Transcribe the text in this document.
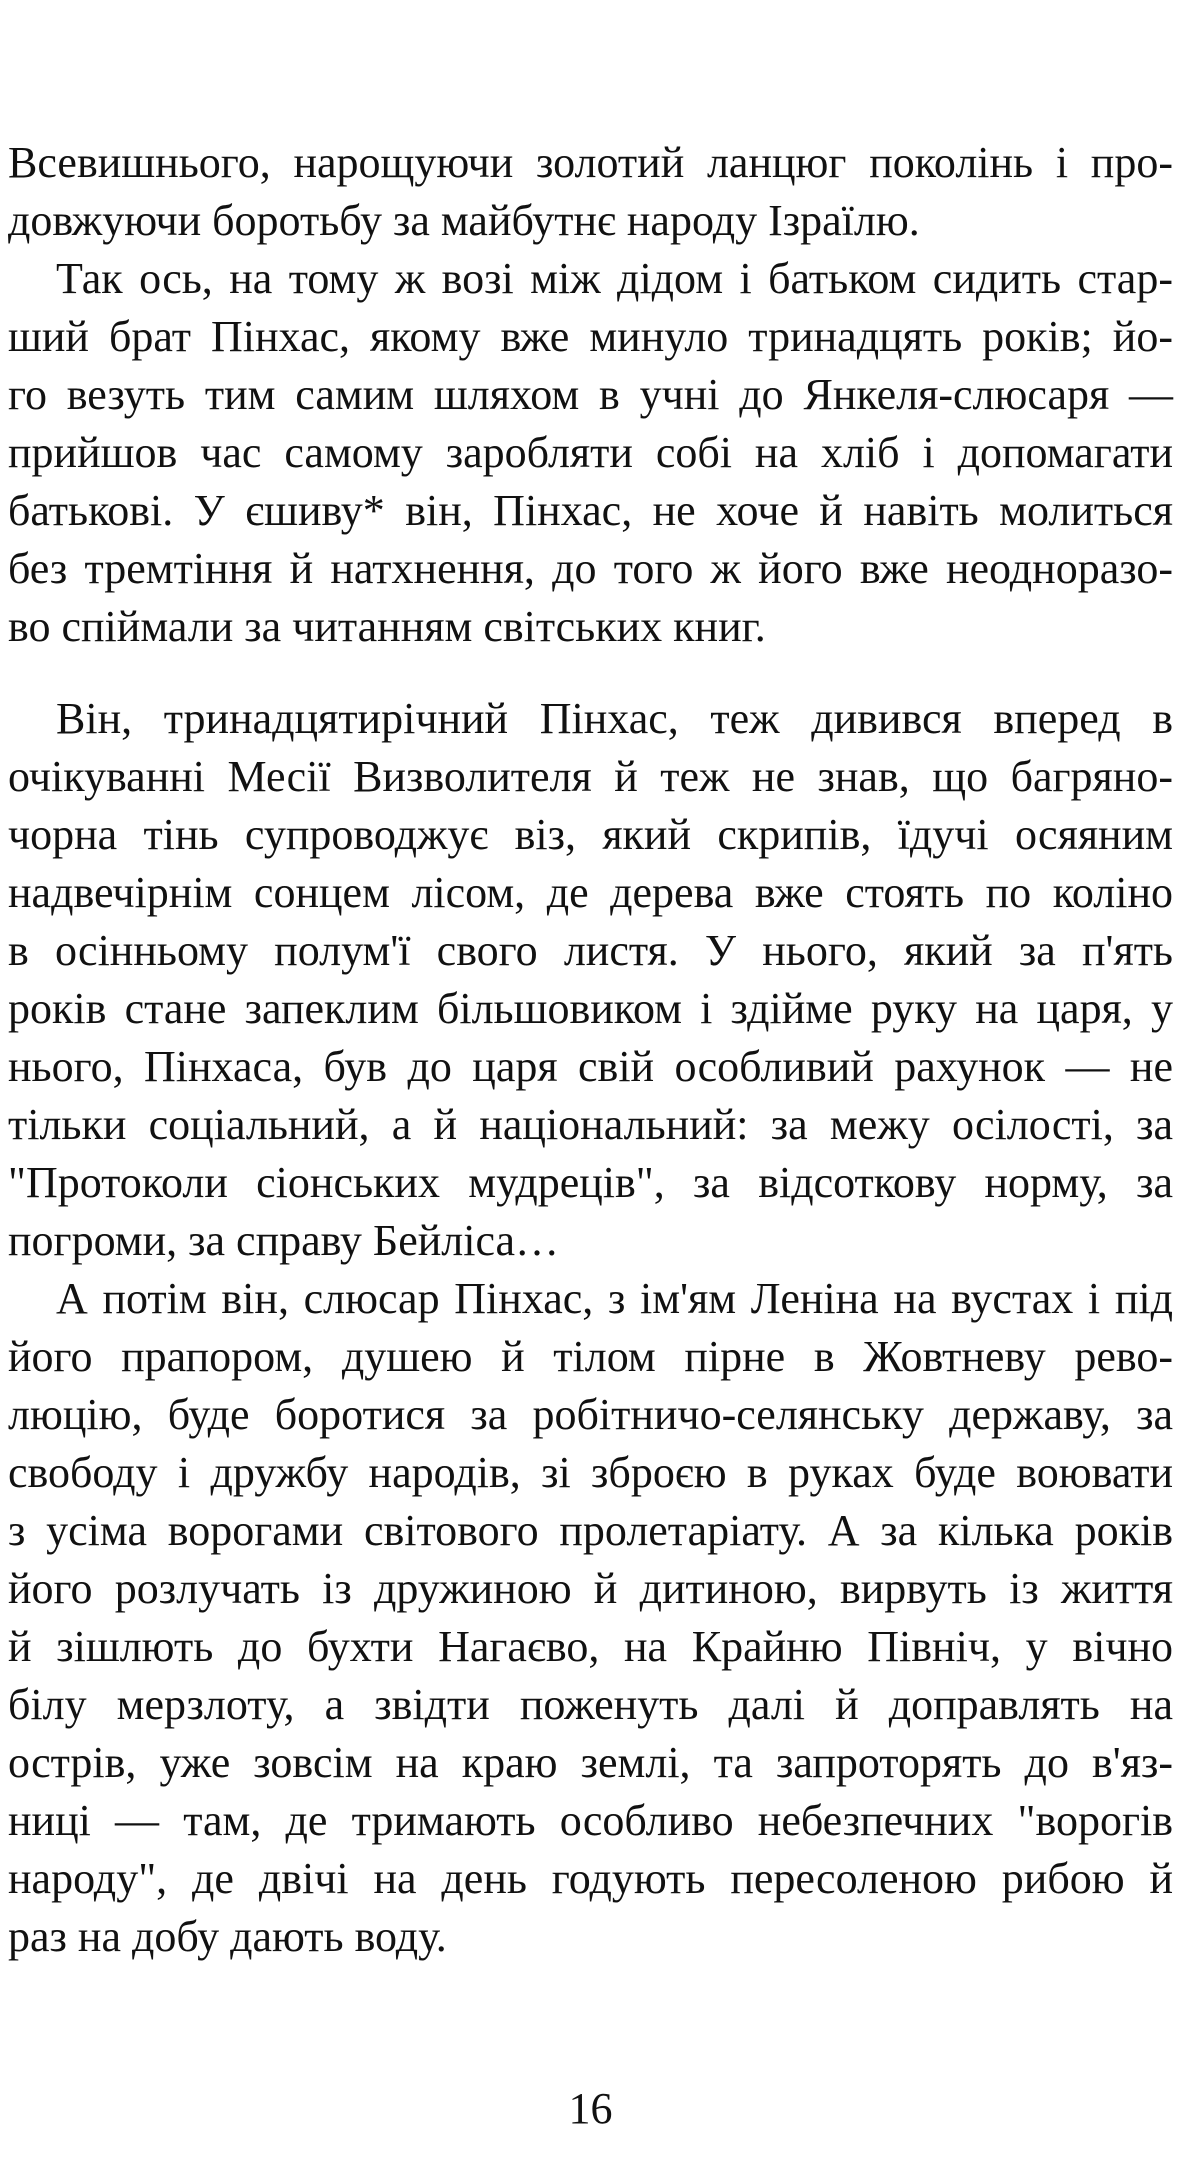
Всевишнього, нарощуючи золотий ланцюг поколінь і про-
довжуючи боротьбу за майбутнє народу Ізраїлю.
Так ось, на тому ж возі між дідом і батьком сидить стар-
ший брат Пінхас, якому вже минуло тринадцять років; йо-
го везуть тим самим шляхом в учні до Янкеля-слюсаря —
прийшов час самому заробляти собі на хліб і допомагати
батькові. У єшиву* він, Пінхас, не хоче й навіть молиться
без тремтіння й натхнення, до того ж його вже неодноразо-
во спіймали за читанням світських книг.
Він, тринадцятирічний Пінхас, теж дивився вперед в
очікуванні Месії Визволителя й теж не знав, що багряно-
чорна тінь супроводжує віз, який скрипів, їдучі осяяним
надвечірнім сонцем лісом, де дерева вже стоять по коліно
в осінньому полум'ї свого листя. У нього, який за п'ять
років стане запеклим більшовиком і здійме руку на царя, у
нього, Пінхаса, був до царя свій особливий рахунок — не
тільки соціальний, а й національний: за межу осілості, за
"Протоколи сіонських мудреців", за відсоткову норму, за
погроми, за справу Бейліса…
А потім він, слюсар Пінхас, з ім'ям Леніна на вустах і під
його прапором, душею й тілом пірне в Жовтневу рево-
люцію, буде боротися за робітничо-селянську державу, за
свободу і дружбу народів, зі зброєю в руках буде воювати
з усіма ворогами світового пролетаріату. А за кілька років
його розлучать із дружиною й дитиною, вирвуть із життя
й зішлють до бухти Нагаєво, на Крайню Північ, у вічно
білу мерзлоту, а звідти поженуть далі й доправлять на
острів, уже зовсім на краю землі, та запроторять до в'яз-
ниці — там, де тримають особливо небезпечних "ворогів
народу", де двічі на день годують пересоленою рибою й
раз на добу дають воду.
16
